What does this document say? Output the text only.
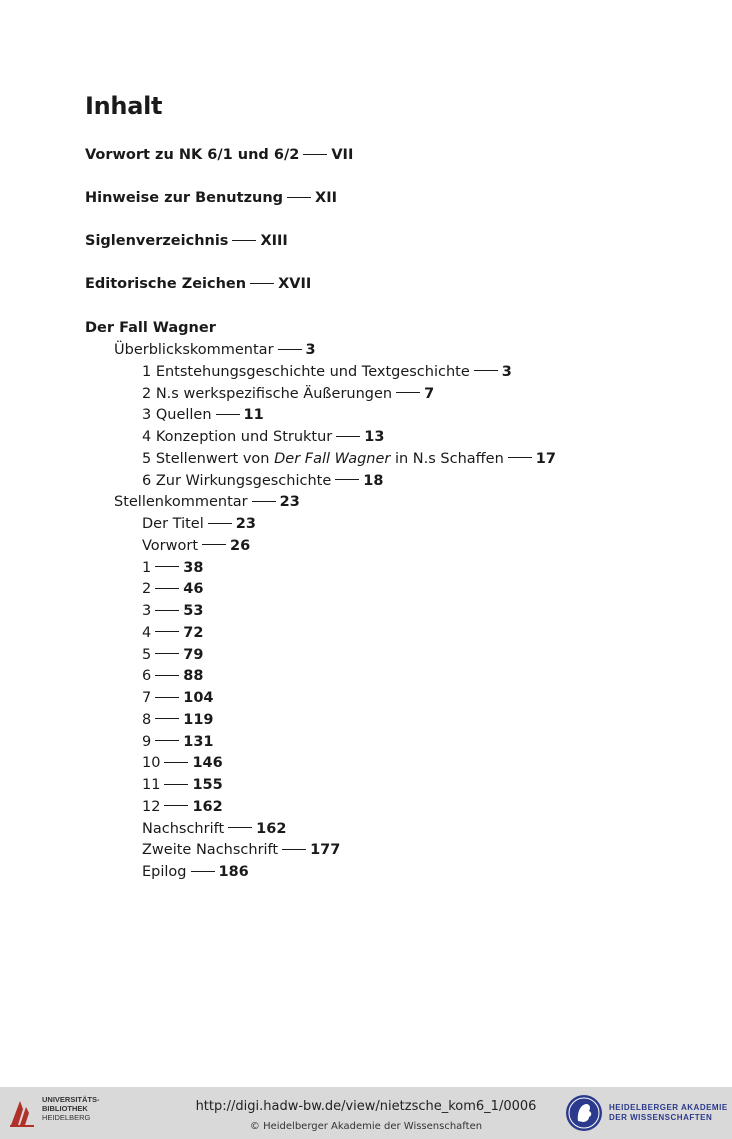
Inhalt
Vorwort zu NK 6/1 und 6/2 VII
Hinweise zur Benutzung XII
Siglenverzeichnis XIII
Editorische Zeichen XVII
Der Fall Wagner
Überblickskommentar 3
1 Entstehungsgeschichte und Textgeschichte 3
2 N.s werkspezifische Äußerungen 7
3 Quellen 11
4 Konzeption und Struktur 13
5 Stellenwert von Der Fall Wagner in N.s Schaffen 17
6 Zur Wirkungsgeschichte 18
Stellenkommentar 23
Der Titel 23
Vorwort 26
1 38
2 46
3 53
4 72
5 79
6 88
7 104
8 119
9 131
10 146
11 155
12 162
Nachschrift 162
Zweite Nachschrift 177
Epilog 186
UNIVERSITÄTS-
BIBLIOTHEK
HEIDELBERG
http://digi.hadw-bw.de/view/nietzsche_kom6_1/0006
© Heidelberger Akademie der Wissenschaften
HEIDELBERGER AKADEMIE
DER WISSENSCHAFTEN
